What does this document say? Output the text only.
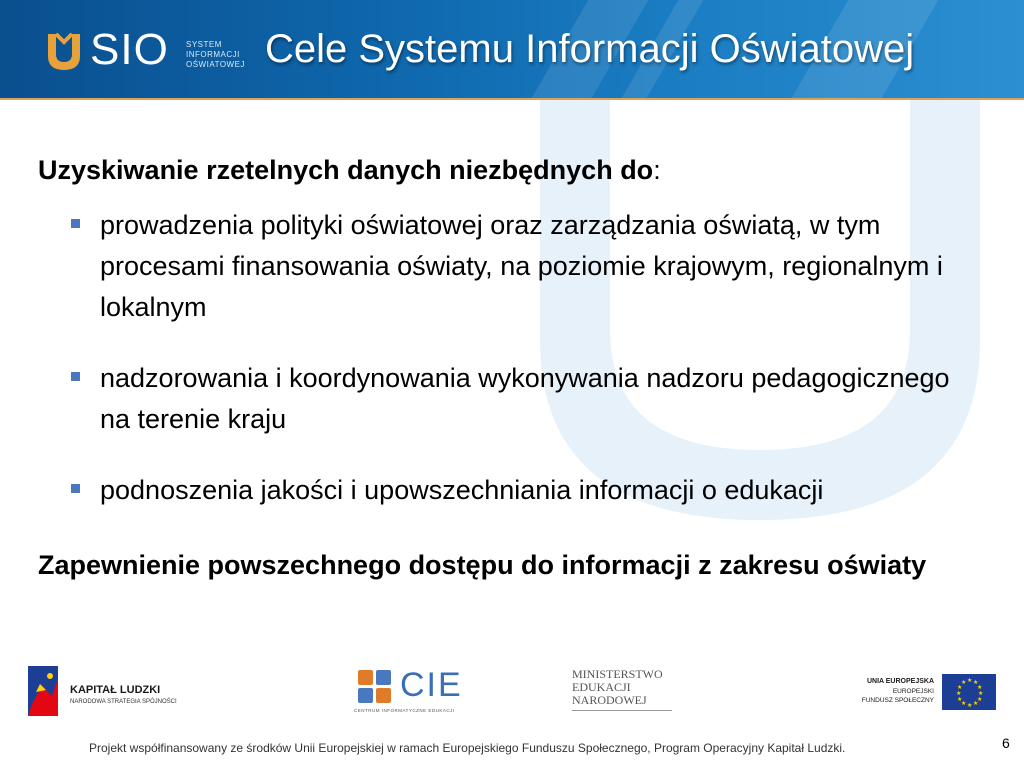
SIO SYSTEM
INFORMACJI
OŚWIATOWEJ Cele Systemu Informacji Oświatowej

Uzyskiwanie rzetelnych danych niezbędnych do:

prowadzenia polityki oświatowej oraz zarządzania oświatą, w tym procesami finansowania oświaty, na poziomie krajowym, regionalnym i lokalnym
nadzorowania i koordynowania wykonywania nadzoru pedagogicznego na terenie kraju
podnoszenia jakości i upowszechniania informacji o edukacji

Zapewnienie powszechnego dostępu do informacji z zakresu oświaty

KAPITAŁ LUDZKI
NARODOWA STRATEGIA SPÓJNOŚCI	CIE
CENTRUM INFORMATYCZNE EDUKACJI
MINISTERSTWO
EDUKACJI
NARODOWEJ
UNIA EUROPEJSKA
EUROPEJSKI
FUNDUSZ SPOŁECZNY
★ ★
★
★
★
★
★
★
★
★
★
★
Projekt współfinansowany ze środków Unii Europejskiej w ramach Europejskiego Funduszu Społecznego, Program Operacyjny Kapitał Ludzki.	6
